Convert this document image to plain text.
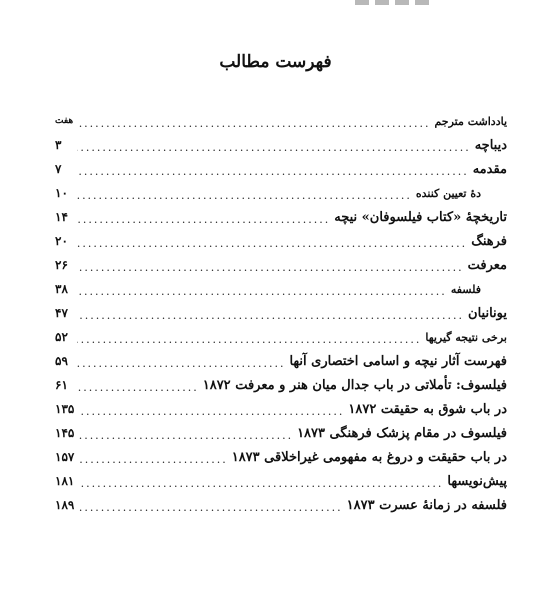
فهرست مطالب
یادداشت مترجم
.....
هفت
دیباچه
.....
۳
مقدمه
.....
۷
دهٔ تعیین کننده
.....
۱۰
تاریخچهٔ «کتاب فیلسوفان» نیچه
.....
۱۴
فرهنگ
.....
۲۰
معرفت
.....
۲۶
فلسفه
.....
۳۸
یونانیان
.....
۴۷
برخی نتیجه گیریها
.....
۵۲
فهرست آثار نیچه و اسامی اختصاری آنها
.....
۵۹
فیلسوف: تأملاتی در باب جدال میان هنر و معرفت ۱۸۷۲
.....
۶۱
در باب شوق به حقیقت ۱۸۷۲
.....
۱۳۵
فیلسوف در مقام پزشک فرهنگی ۱۸۷۳
.....
۱۴۵
در باب حقیقت و دروغ به مفهومی غیراخلاقی ۱۸۷۳
.....
۱۵۷
پیش‌نویسها
.....
۱۸۱
فلسفه در زمانهٔ عسرت ۱۸۷۳
.....
۱۸۹
